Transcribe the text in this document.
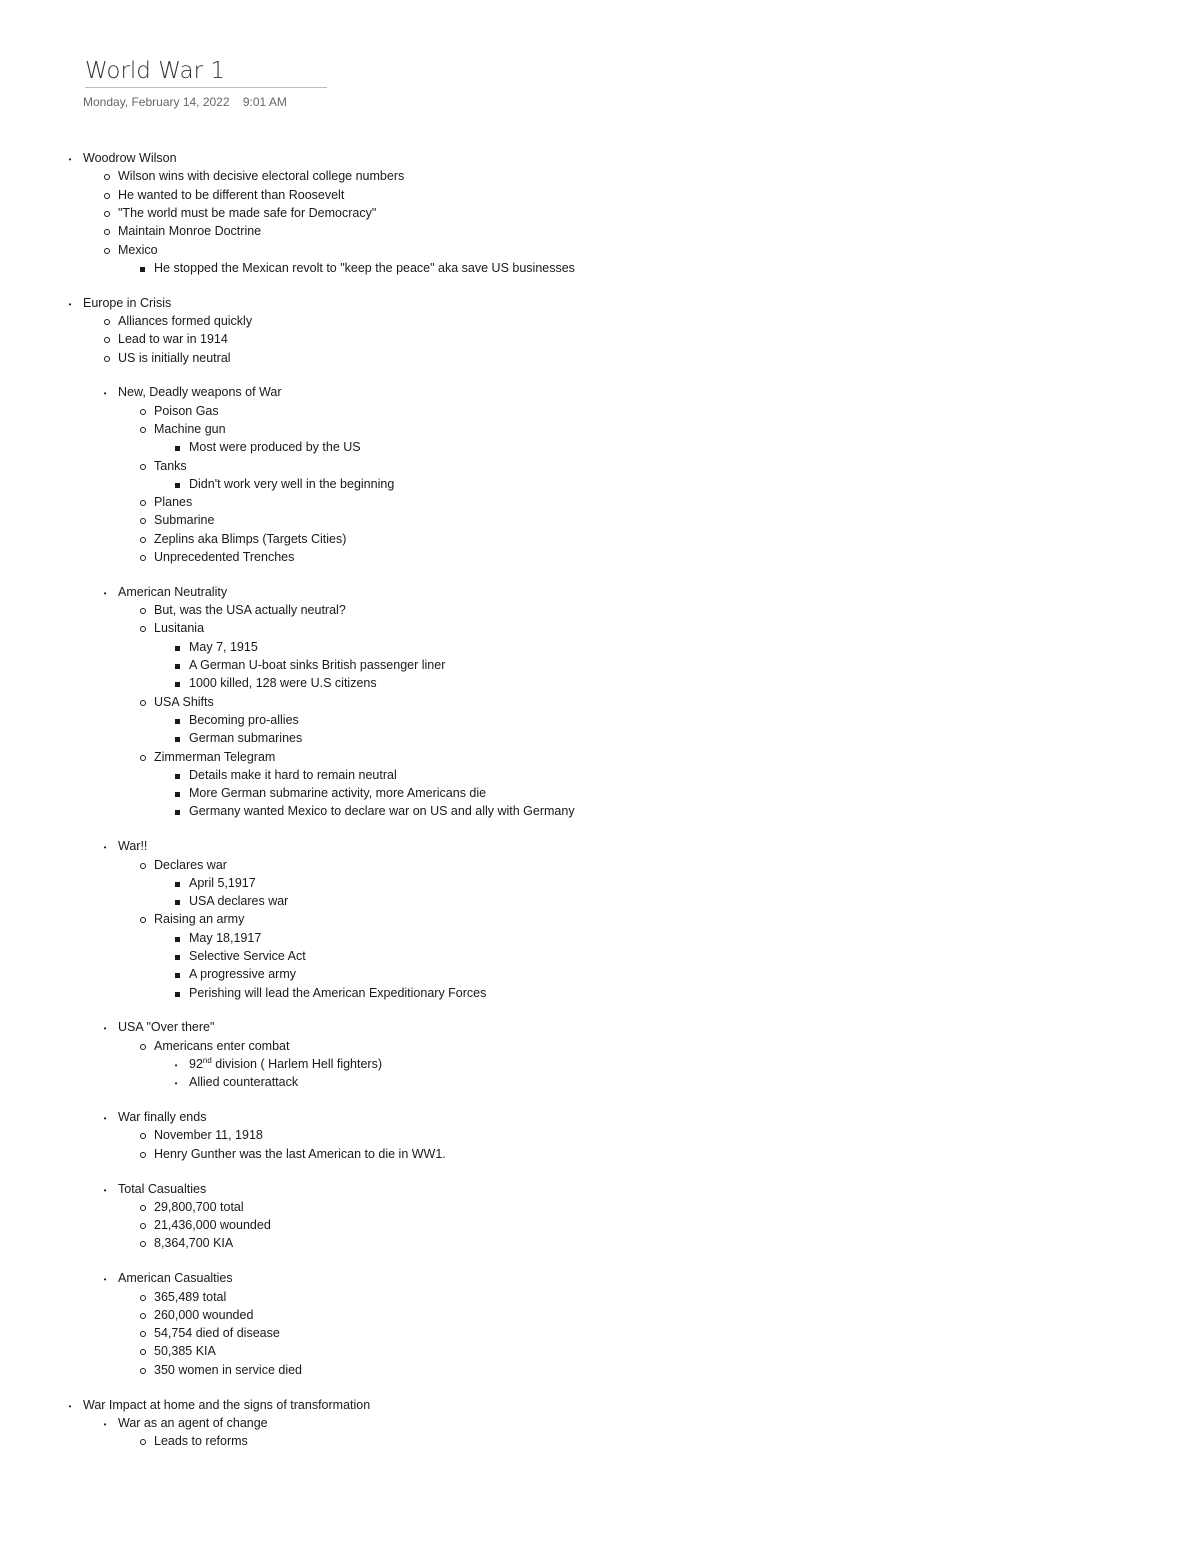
World War 1
Monday, February 14, 2022    9:01 AM
• Woodrow Wilson
Wilson wins with decisive electoral college numbers
He wanted to be different than Roosevelt
"The world must be made safe for Democracy"
Maintain Monroe Doctrine
Mexico
He stopped the Mexican revolt to "keep the peace" aka save US businesses
• Europe in Crisis
Alliances formed quickly
Lead to war in 1914
US is initially neutral
• New, Deadly weapons of War
Poison Gas
Machine gun
Most were produced by the US
Tanks
Didn't work very well in the beginning
Planes
Submarine
Zeplins aka Blimps (Targets Cities)
Unprecedented Trenches
• American Neutrality
But, was the USA actually neutral?
Lusitania
May 7, 1915
A German U-boat sinks British passenger liner
1000 killed, 128 were U.S citizens
USA Shifts
Becoming pro-allies
German submarines
Zimmerman Telegram
Details make it hard to remain neutral
More German submarine activity, more Americans die
Germany wanted Mexico to declare war on US and ally with Germany
• War!!
Declares war
April 5,1917
USA declares war
Raising an army
May 18,1917
Selective Service Act
A progressive army
Perishing will lead the American Expeditionary Forces
• USA "Over there"
Americans enter combat
• 92nd division ( Harlem Hell fighters)
• Allied counterattack
• War finally ends
November 11, 1918
Henry Gunther was the last American to die in WW1.
• Total Casualties
29,800,700 total
21,436,000 wounded
8,364,700 KIA
• American Casualties
365,489 total
260,000 wounded
54,754 died of disease
50,385 KIA
350 women in service died
• War Impact at home and the signs of transformation
• War as an agent of change
Leads to reforms
